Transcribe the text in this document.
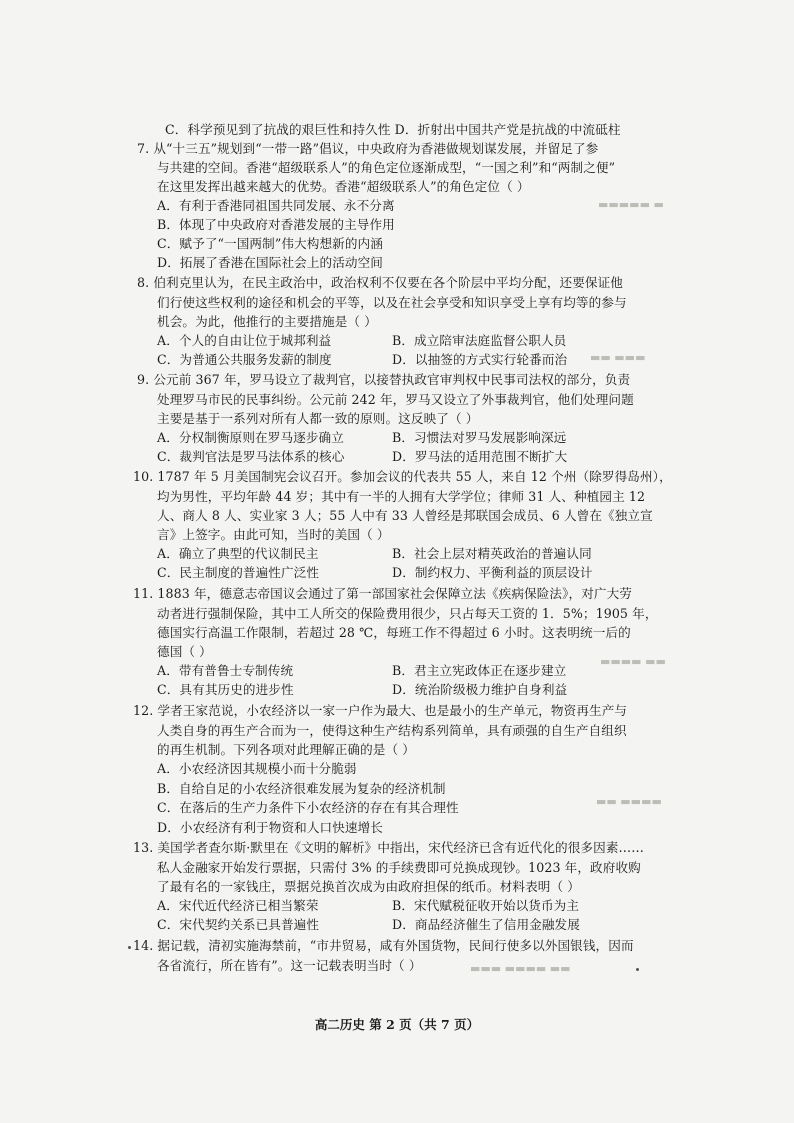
▬▬▬▬▬ ▬
▬▬ ▬▬▬
▬▬▬▬ ▬▬
▬▬ ▬▬▬▬
▬▬▬ ▬▬▬▬ ▬▬
C．科学预见到了抗战的艰巨性和持久性 D．折射出中国共产党是抗战的中流砥柱
7. 从“十三五”规划到“一带一路”倡议，中央政府为香港做规划谋发展，并留足了参
与共建的空间。香港“超级联系人”的角色定位逐渐成型，“一国之利”和“两制之便”
在这里发挥出越来越大的优势。香港“超级联系人”的角色定位（ ）
A．有利于香港同祖国共同发展、永不分离
B．体现了中央政府对香港发展的主导作用
C．赋予了“一国两制”伟大构想新的内涵
D．拓展了香港在国际社会上的活动空间
8. 伯利克里认为，在民主政治中，政治权利不仅要在各个阶层中平均分配，还要保证他
们行使这些权利的途径和机会的平等，以及在社会享受和知识享受上享有均等的参与
机会。为此，他推行的主要措施是（ ）
A．个人的自由让位于城邦利益	B．成立陪审法庭监督公职人员
C．为普通公共服务发薪的制度	D．以抽签的方式实行轮番而治
9. 公元前 367 年，罗马设立了裁判官，以接替执政官审判权中民事司法权的部分，负责
处理罗马市民的民事纠纷。公元前 242 年，罗马又设立了外事裁判官，他们处理问题
主要是基于一系列对所有人都一致的原则。这反映了（ ）
A．分权制衡原则在罗马逐步确立	B．习惯法对罗马发展影响深远
C．裁判官法是罗马法体系的核心	D．罗马法的适用范围不断扩大
10. 1787 年 5 月美国制宪会议召开。参加会议的代表共 55 人，来自 12 个州（除罗得岛州），
均为男性，平均年龄 44 岁；其中有一半的人拥有大学学位；律师 31 人、种植园主 12
人、商人 8 人、实业家 3 人；55 人中有 33 人曾经是邦联国会成员、6 人曾在《独立宣
言》上签字。由此可知，当时的美国（ ）
A．确立了典型的代议制民主	B．社会上层对精英政治的普遍认同
C．民主制度的普遍性广泛性	D．制约权力、平衡利益的顶层设计
11. 1883 年，德意志帝国议会通过了第一部国家社会保障立法《疾病保险法》，对广大劳
动者进行强制保险，其中工人所交的保险费用很少，只占每天工资的 1．5%；1905 年，
德国实行高温工作限制，若超过 28 ℃，每班工作不得超过 6 小时。这表明统一后的
德国（ ）
A．带有普鲁士专制传统	B．君主立宪政体正在逐步建立
C．具有其历史的进步性	D．统治阶级极力维护自身利益
12. 学者王家范说，小农经济以一家一户作为最大、也是最小的生产单元，物资再生产与
人类自身的再生产合而为一，使得这种生产结构系列简单，具有顽强的自生产自组织
的再生机制。下列各项对此理解正确的是（ ）
A．小农经济因其规模小而十分脆弱
B．自给自足的小农经济很难发展为复杂的经济机制
C．在落后的生产力条件下小农经济的存在有其合理性
D．小农经济有利于物资和人口快速增长
13. 美国学者查尔斯·默里在《文明的解析》中指出，宋代经济已含有近代化的很多因素……
私人金融家开始发行票据，只需付 3% 的手续费即可兑换成现钞。1023 年，政府收购
了最有名的一家钱庄，票据兑换首次成为由政府担保的纸币。材料表明（ ）
A．宋代近代经济已相当繁荣	B．宋代赋税征收开始以货币为主
C．宋代契约关系已具普遍性	D．商品经济催生了信用金融发展
14. 据记载，清初实施海禁前，“市井贸易，咸有外国货物，民间行使多以外国银钱，因而
各省流行，所在皆有”。这一记载表明当时（ ）
高二历史 第 2 页（共 7 页）
